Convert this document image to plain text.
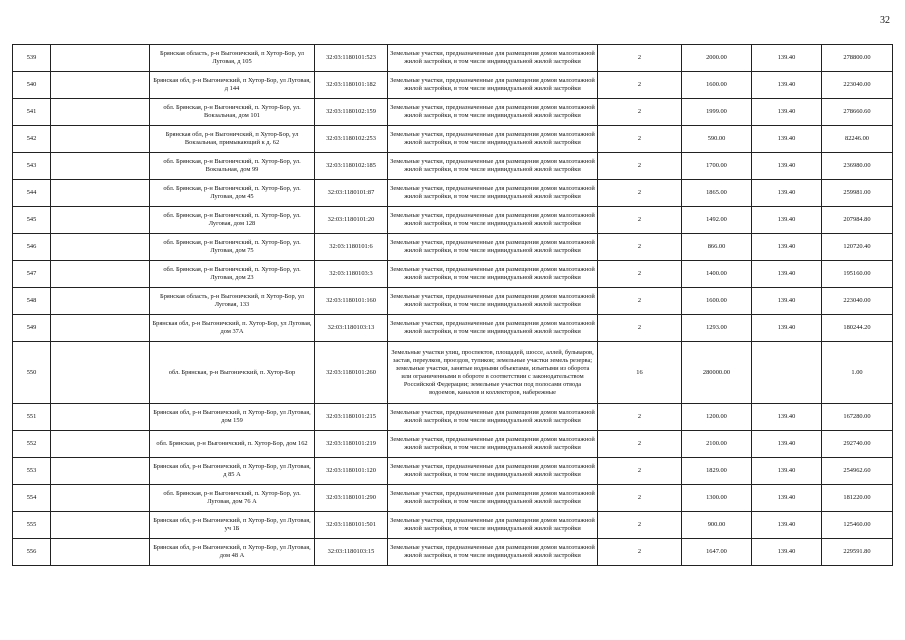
32
539		Брянская область, р-н Выгоничский, п Хутор-Бор, ул Луговая, д 105	32:03:1180101:523	Земельные участки, предназначенные для размещения домов малоэтажной жилой застройки, в том числе индивидуальной жилой застройки	2	2000.00	139.40	278800.00
540		Брянская обл, р-н Выгоничский, п Хутор-Бор, ул Луговая, д 144	32:03:1180101:182	Земельные участки, предназначенные для размещения домов малоэтажной жилой застройки, в том числе индивидуальной жилой застройки	2	1600.00	139.40	223040.00
541		обл. Брянская, р-н Выгоничский, п. Хутор-Бор, ул. Вокзальная, дом 101	32:03:1180102:159	Земельные участки, предназначенные для размещения домов малоэтажной жилой застройки, в том числе индивидуальной жилой застройки	2	1999.00	139.40	278660.60
542		Брянская обл, р-н Выгоничский, п Хутор-Бор, ул Вокзальная, примыкающий к д. 62	32:03:1180102:253	Земельные участки, предназначенные для размещения домов малоэтажной жилой застройки, в том числе индивидуальной жилой застройки	2	590.00	139.40	82246.00
543		обл. Брянская, р-н Выгоничский, п. Хутор-Бор, ул. Вокзальная, дом 99	32:03:1180102:185	Земельные участки, предназначенные для размещения домов малоэтажной жилой застройки, в том числе индивидуальной жилой застройки	2	1700.00	139.40	236980.00
544		обл. Брянская, р-н Выгоничский, п. Хутор-Бор, ул. Луговая, дом 45	32:03:1180101:87	Земельные участки, предназначенные для размещения домов малоэтажной жилой застройки, в том числе индивидуальной жилой застройки	2	1865.00	139.40	259981.00
545		обл. Брянская, р-н Выгоничский, п. Хутор-Бор, ул. Луговая, дом 128	32:03:1180101:20	Земельные участки, предназначенные для размещения домов малоэтажной жилой застройки, в том числе индивидуальной жилой застройки	2	1492.00	139.40	207984.80
546		обл. Брянская, р-н Выгоничский, п. Хутор-Бор, ул. Луговая, дом 75	32:03:1180101:6	Земельные участки, предназначенные для размещения домов малоэтажной жилой застройки, в том числе индивидуальной жилой застройки	2	866.00	139.40	120720.40
547		обл. Брянская, р-н Выгоничский, п. Хутор-Бор, ул. Луговая, дом 23	32:03:1180103:3	Земельные участки, предназначенные для размещения домов малоэтажной жилой застройки, в том числе индивидуальной жилой застройки	2	1400.00	139.40	195160.00
548		Брянская область, р-н Выгоничский, п Хутор-Бор, ул Луговая, 133	32:03:1180101:160	Земельные участки, предназначенные для размещения домов малоэтажной жилой застройки, в том числе индивидуальной жилой застройки	2	1600.00	139.40	223040.00
549		Брянская обл, р-н Выгоничский, п. Хутор-Бор, ул Луговая, дом 37А	32:03:1180103:13	Земельные участки, предназначенные для размещения домов малоэтажной жилой застройки, в том числе индивидуальной жилой застройки	2	1293.00	139.40	180244.20
550		обл. Брянская, р-н Выгоничский, п. Хутор-Бор	32:03:1180101:260	Земельные участки улиц, проспектов, площадей, шоссе, аллей, бульваров, застав, переулков, проездов, тупиков; земельные участки земель резерва; земельные участки, занятые водными объектами, изъятыми из оборота или ограниченными в обороте в соответствии с законодательством Российской Федерации; земельные участки под полосами отвода водоемов, каналов и коллекторов, набережные	16	280000.00		1.00
551		Брянская обл, р-н Выгоничский, п Хутор-Бор, ул Луговая, дом 159	32:03:1180101:215	Земельные участки, предназначенные для размещения домов малоэтажной жилой застройки, в том числе индивидуальной жилой застройки	2	1200.00	139.40	167280.00
552		обл. Брянская, р-н Выгоничский, п. Хутор-Бор, дом 162	32:03:1180101:219	Земельные участки, предназначенные для размещения домов малоэтажной жилой застройки, в том числе индивидуальной жилой застройки	2	2100.00	139.40	292740.00
553		Брянская обл, р-н Выгоничский, п Хутор-Бор, ул Луговая, д 85 А	32:03:1180101:120	Земельные участки, предназначенные для размещения домов малоэтажной жилой застройки, в том числе индивидуальной жилой застройки	2	1829.00	139.40	254962.60
554		обл. Брянская, р-н Выгоничский, п. Хутор-Бор, ул. Луговая, дом 76 А	32:03:1180101:290	Земельные участки, предназначенные для размещения домов малоэтажной жилой застройки, в том числе индивидуальной жилой застройки	2	1300.00	139.40	181220.00
555		Брянская обл, р-н Выгоничский, п Хутор-Бор, ул Луговая, уч 1Б	32:03:1180101:501	Земельные участки, предназначенные для размещения домов малоэтажной жилой застройки, в том числе индивидуальной жилой застройки	2	900.00	139.40	125460.00
556		Брянская обл, р-н Выгоничский, п Хутор-Бор, ул Луговая, дом 48 А	32:03:1180103:15	Земельные участки, предназначенные для размещения домов малоэтажной жилой застройки, в том числе индивидуальной жилой застройки	2	1647.00	139.40	229591.80
